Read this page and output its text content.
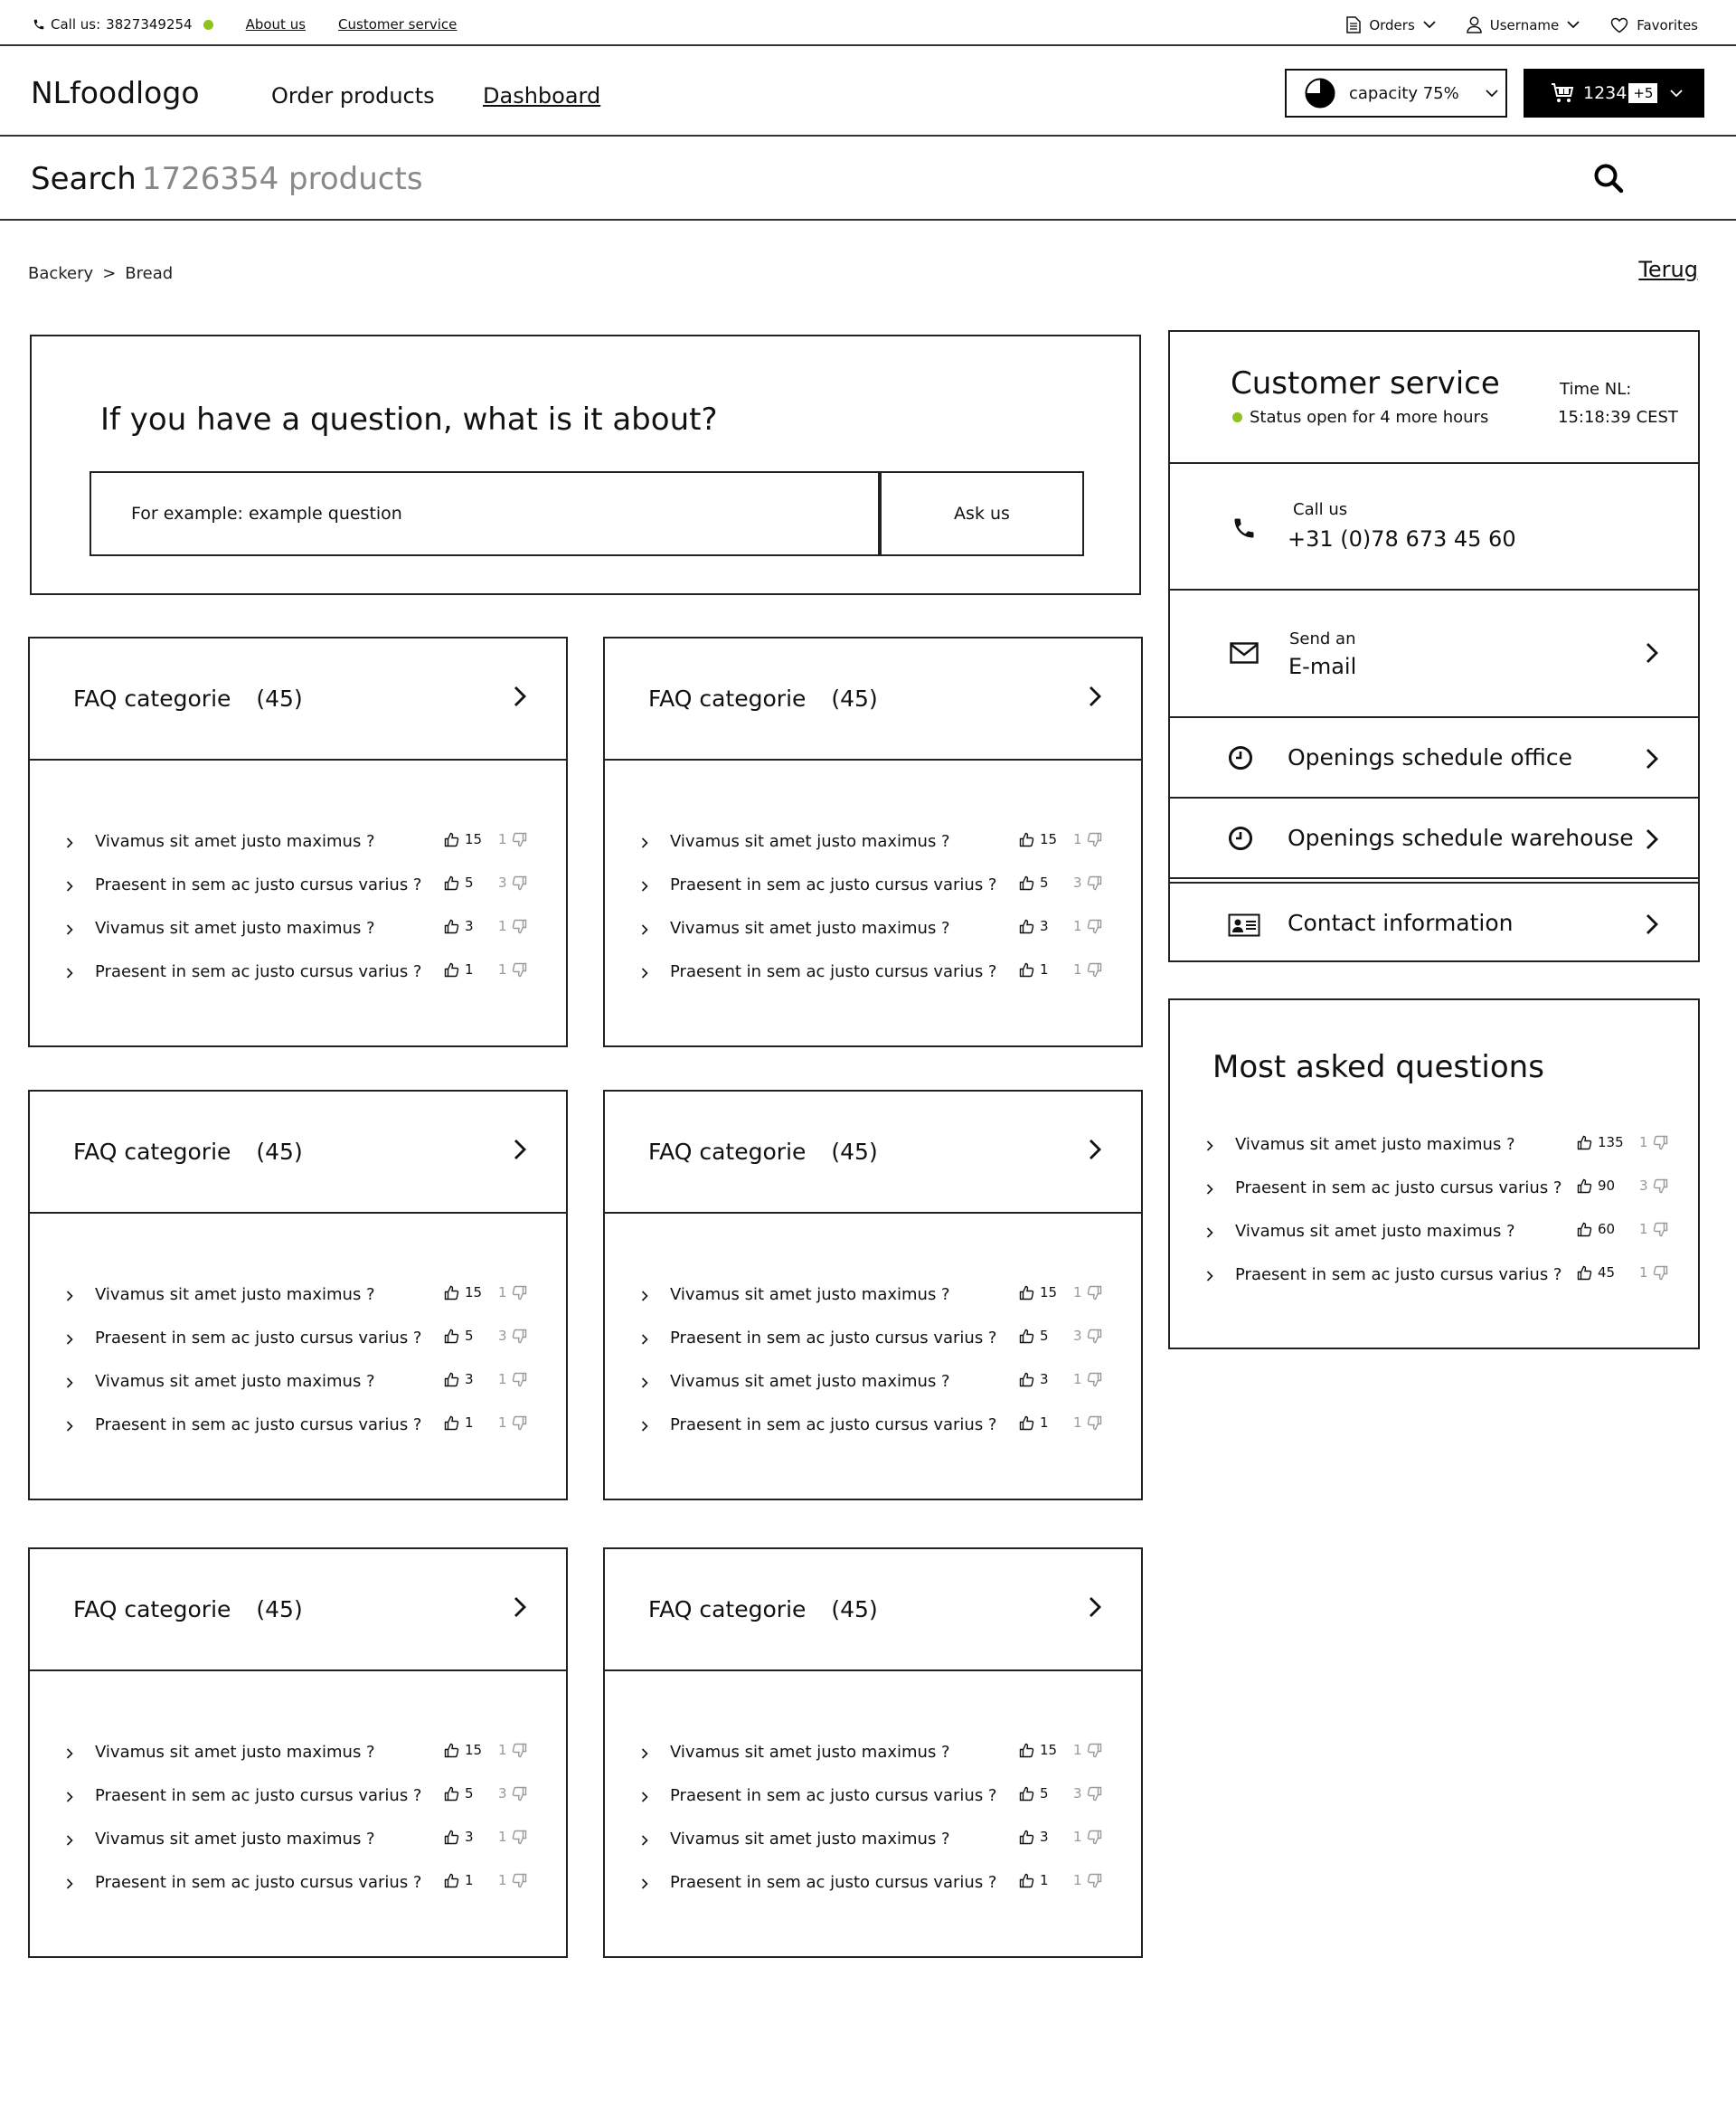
Call us: 3827349254	About us Customer service	Orders	Username	Favorites
NLfoodlogo	Order products Dashboard	capacity 75%	1234 +5
Search 1726354 products
Backery > Bread	Terug
If you have a question, what is it about?
For example: example question	Ask us
FAQ categorie (45)
Vivamus sit amet justo maximus ?	15 1
Praesent in sem ac justo cursus varius ?	5 3
Vivamus sit amet justo maximus ?	3 1
Praesent in sem ac justo cursus varius ?	1 1
FAQ categorie (45)
Vivamus sit amet justo maximus ?	15 1
Praesent in sem ac justo cursus varius ?	5 3
Vivamus sit amet justo maximus ?	3 1
Praesent in sem ac justo cursus varius ?	1 1
FAQ categorie (45)
Vivamus sit amet justo maximus ?	15 1
Praesent in sem ac justo cursus varius ?	5 3
Vivamus sit amet justo maximus ?	3 1
Praesent in sem ac justo cursus varius ?	1 1
FAQ categorie (45)
Vivamus sit amet justo maximus ?	15 1
Praesent in sem ac justo cursus varius ?	5 3
Vivamus sit amet justo maximus ?	3 1
Praesent in sem ac justo cursus varius ?	1 1
FAQ categorie (45)
Vivamus sit amet justo maximus ?	15 1
Praesent in sem ac justo cursus varius ?	5 3
Vivamus sit amet justo maximus ?	3 1
Praesent in sem ac justo cursus varius ?	1 1
FAQ categorie (45)
Vivamus sit amet justo maximus ?	15 1
Praesent in sem ac justo cursus varius ?	5 3
Vivamus sit amet justo maximus ?	3 1
Praesent in sem ac justo cursus varius ?	1 1
Customer service
Status open for 4 more hours
Time NL:
15:18:39 CEST
Call us
+31 (0)78 673 45 60
Send an
E-mail
Openings schedule office
Openings schedule warehouse
Contact information
Most asked questions
Vivamus sit amet justo maximus ?	135 1
Praesent in sem ac justo cursus varius ?	90 3
Vivamus sit amet justo maximus ?	60 1
Praesent in sem ac justo cursus varius ?	45 1
